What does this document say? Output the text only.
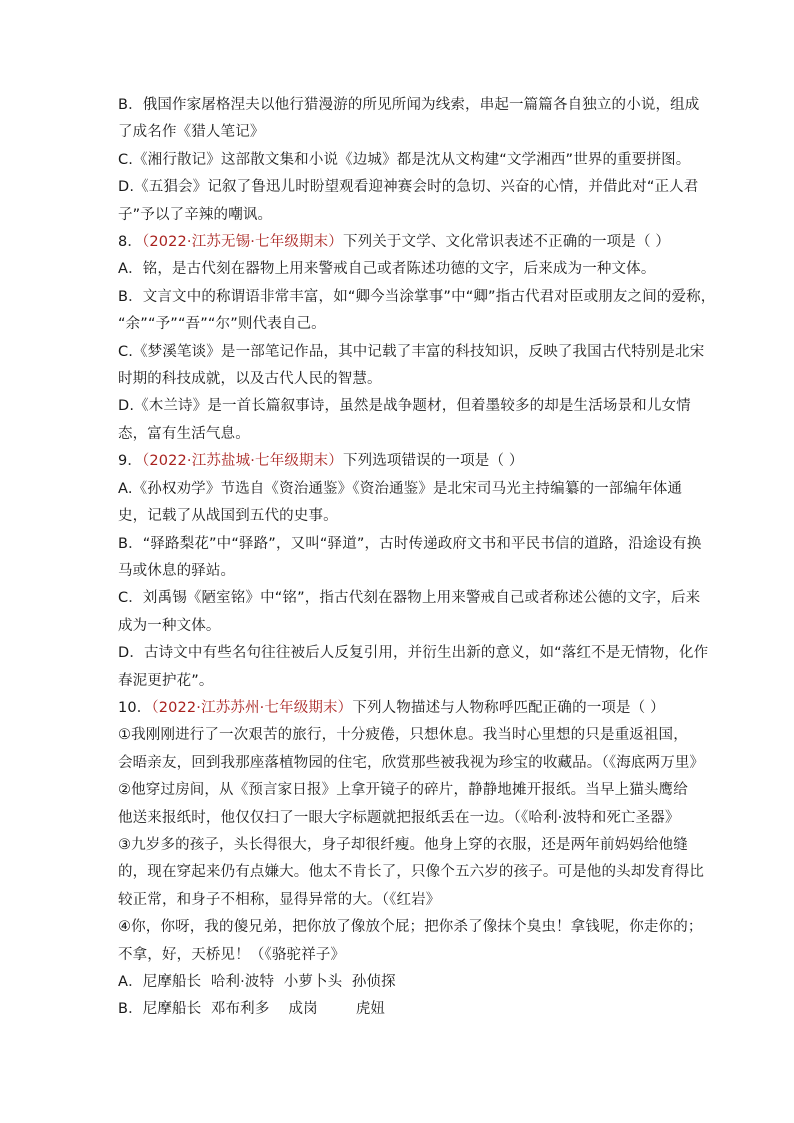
B．俄国作家屠格涅夫以他行猎漫游的所见所闻为线索，串起一篇篇各自独立的小说，组成
了成名作《猎人笔记》
C.《湘行散记》这部散文集和小说《边城》都是沈从文构建“文学湘西”世界的重要拼图。
D.《五猖会》记叙了鲁迅儿时盼望观看迎神赛会时的急切、兴奋的心情，并借此对“正人君
子”予以了辛辣的嘲讽。
8．（2022·江苏无锡·七年级期末）下列关于文学、文化常识表述不正确的一项是（ ）
A．铭，是古代刻在器物上用来警戒自己或者陈述功德的文字，后来成为一种文体。
B．文言文中的称谓语非常丰富，如“卿今当涂掌事”中“卿”指古代君对臣或朋友之间的爱称，
“余”“予”“吾”“尔”则代表自己。
C.《梦溪笔谈》是一部笔记作品，其中记载了丰富的科技知识，反映了我国古代特别是北宋
时期的科技成就，以及古代人民的智慧。
D.《木兰诗》是一首长篇叙事诗，虽然是战争题材，但着墨较多的却是生活场景和儿女情
态，富有生活气息。
9．（2022·江苏盐城·七年级期末）下列选项错误的一项是（ ）
A.《孙权劝学》节选自《资治通鉴》《资治通鉴》是北宋司马光主持编纂的一部编年体通
史，记载了从战国到五代的史事。
B．“驿路梨花”中“驿路”，又叫“驿道”，古时传递政府文书和平民书信的道路，沿途设有换
马或休息的驿站。
C．刘禹锡《陋室铭》中“铭”，指古代刻在器物上用来警戒自己或者称述公德的文字，后来
成为一种文体。
D．古诗文中有些名句往往被后人反复引用，并衍生出新的意义，如“落红不是无情物，化作
春泥更护花”。
10．（2022·江苏苏州·七年级期末）下列人物描述与人物称呼匹配正确的一项是（ ）
①我刚刚进行了一次艰苦的旅行，十分疲倦，只想休息。我当时心里想的只是重返祖国，
会晤亲友，回到我那座落植物园的住宅，欣赏那些被我视为珍宝的收藏品。（《海底两万里》
②他穿过房间，从《预言家日报》上拿开镜子的碎片，静静地摊开报纸。当早上猫头鹰给
他送来报纸时，他仅仅扫了一眼大字标题就把报纸丢在一边。（《哈利·波特和死亡圣器》
③九岁多的孩子，头长得很大，身子却很纤瘦。他身上穿的衣服，还是两年前妈妈给他缝
的，现在穿起来仍有点嫌大。他太不肯长了，只像个五六岁的孩子。可是他的头却发育得比
较正常，和身子不相称，显得异常的大。（《红岩》
④你，你呀，我的傻兄弟，把你放了像放个屁；把你杀了像抹个臭虫！拿钱呢，你走你的；
不拿，好，天桥见！（《骆驼祥子》
A．尼摩船长  哈利·波特  小萝卜头  孙侦探
B．尼摩船长  邓布利多    成岗        虎妞
